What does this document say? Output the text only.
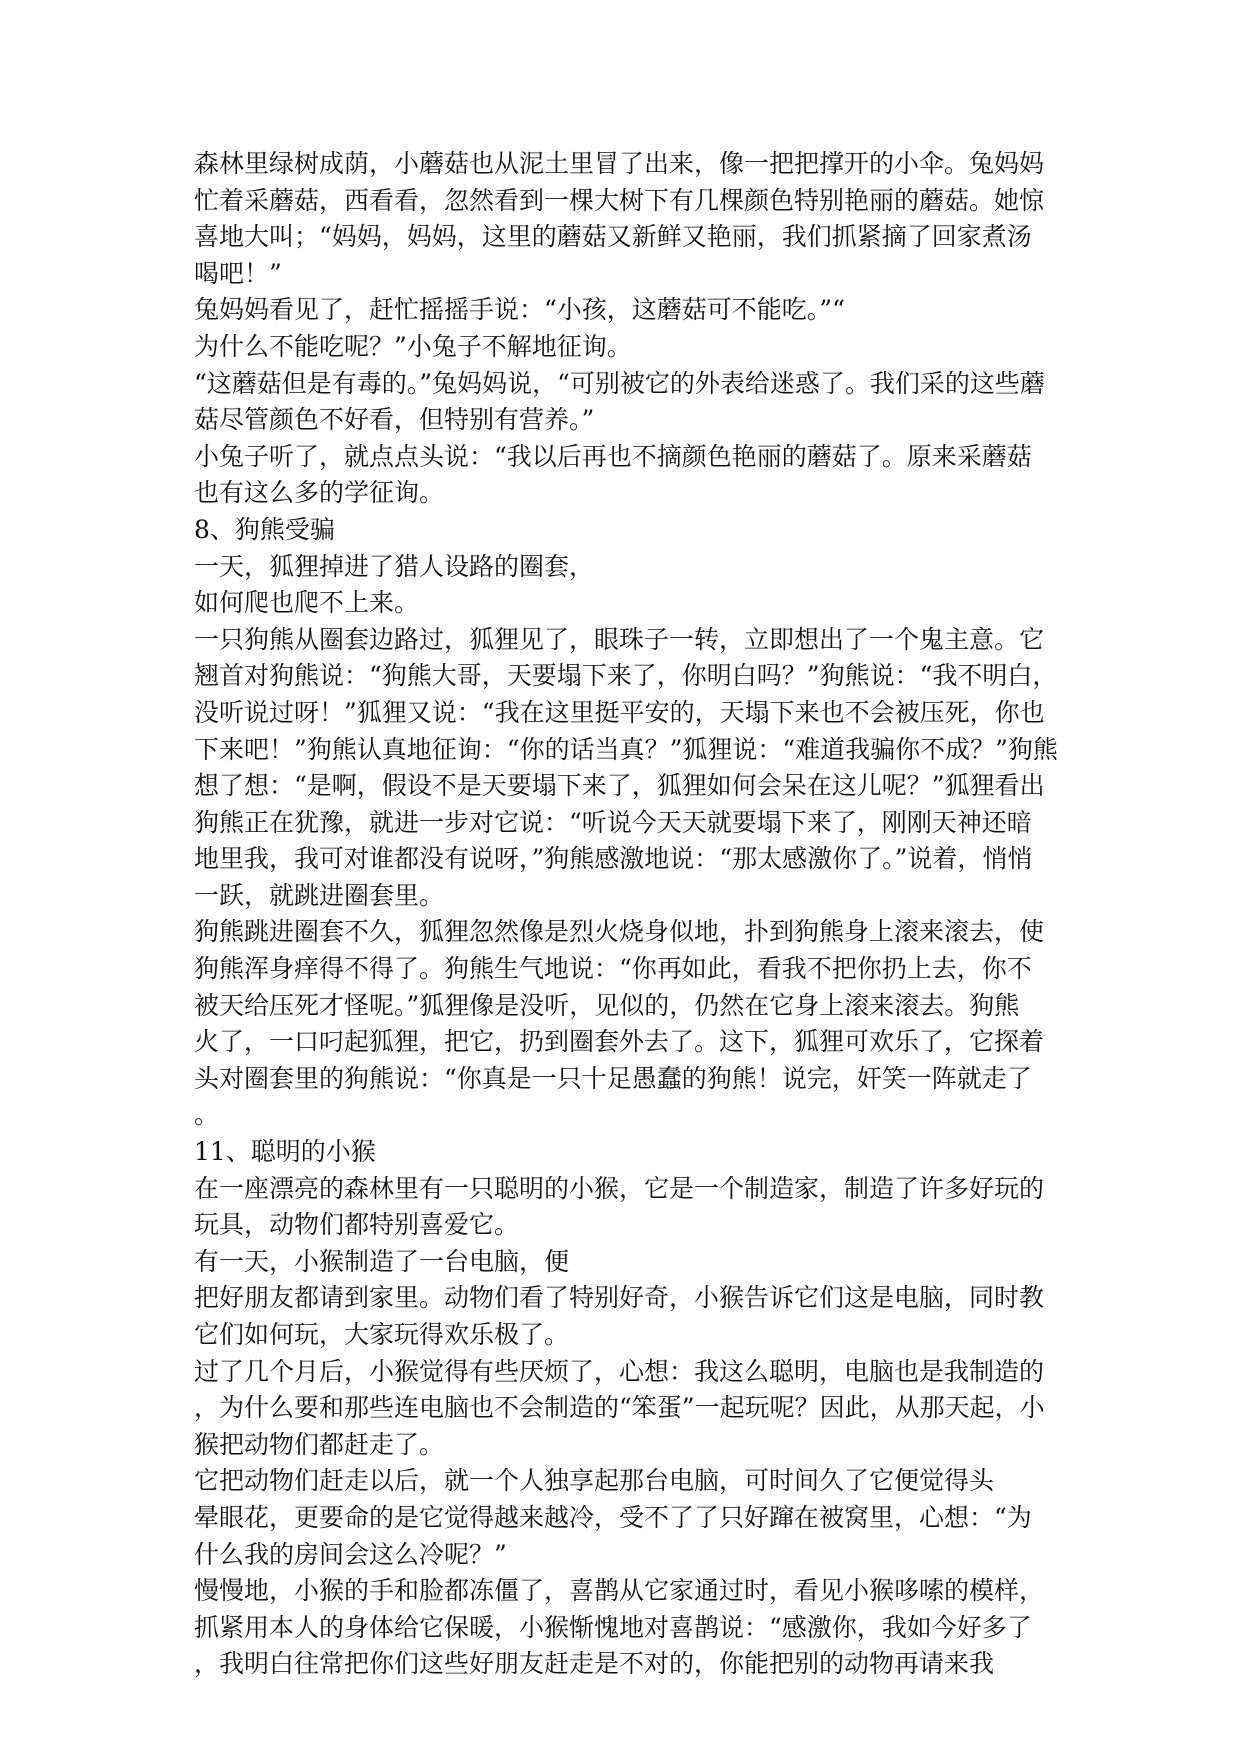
森林里绿树成荫，小蘑菇也从泥土里冒了出来，像一把把撑开的小伞。兔妈妈
忙着采蘑菇，西看看，忽然看到一棵大树下有几棵颜色特别艳丽的蘑菇。她惊
喜地大叫；“妈妈，妈妈，这里的蘑菇又新鲜又艳丽，我们抓紧摘了回家煮汤
喝吧！”
兔妈妈看见了，赶忙摇摇手说：“小孩，这蘑菇可不能吃。”“
为什么不能吃呢？”小兔子不解地征询。
“这蘑菇但是有毒的。”兔妈妈说，“可别被它的外表给迷惑了。我们采的这些蘑
菇尽管颜色不好看，但特别有营养。”
小兔子听了，就点点头说：“我以后再也不摘颜色艳丽的蘑菇了。原来采蘑菇
也有这么多的学征询。
8、狗熊受骗
一天，狐狸掉进了猎人设路的圈套，
如何爬也爬不上来。
一只狗熊从圈套边路过，狐狸见了，眼珠子一转，立即想出了一个鬼主意。它
翘首对狗熊说：“狗熊大哥，天要塌下来了，你明白吗？”狗熊说：“我不明白，
没听说过呀！”狐狸又说：“我在这里挺平安的，天塌下来也不会被压死，你也
下来吧！”狗熊认真地征询：“你的话当真？”狐狸说：“难道我骗你不成？”狗熊
想了想：“是啊，假设不是天要塌下来了，狐狸如何会呆在这儿呢？”狐狸看出
狗熊正在犹豫，就进一步对它说：“听说今天天就要塌下来了，刚刚天神还暗
地里我，我可对谁都没有说呀，”狗熊感激地说：“那太感激你了。”说着，悄悄
一跃，就跳进圈套里。
狗熊跳进圈套不久，狐狸忽然像是烈火烧身似地，扑到狗熊身上滚来滚去，使
狗熊浑身痒得不得了。狗熊生气地说：“你再如此，看我不把你扔上去，你不
被天给压死才怪呢。”狐狸像是没听，见似的，仍然在它身上滚来滚去。狗熊
火了，一口叼起狐狸，把它，扔到圈套外去了。这下，狐狸可欢乐了，它探着
头对圈套里的狗熊说：“你真是一只十足愚蠢的狗熊！说完，奸笑一阵就走了
。
11、聪明的小猴
在一座漂亮的森林里有一只聪明的小猴，它是一个制造家，制造了许多好玩的
玩具，动物们都特别喜爱它。
有一天，小猴制造了一台电脑，便
把好朋友都请到家里。动物们看了特别好奇，小猴告诉它们这是电脑，同时教
它们如何玩，大家玩得欢乐极了。
过了几个月后，小猴觉得有些厌烦了，心想：我这么聪明，电脑也是我制造的
，为什么要和那些连电脑也不会制造的“笨蛋”一起玩呢？因此，从那天起，小
猴把动物们都赶走了。
它把动物们赶走以后，就一个人独享起那台电脑，可时间久了它便觉得头
晕眼花，更要命的是它觉得越来越冷，受不了了只好蹿在被窝里，心想：“为
什么我的房间会这么冷呢？”
慢慢地，小猴的手和脸都冻僵了，喜鹊从它家通过时，看见小猴哆嗦的模样，
抓紧用本人的身体给它保暖，小猴惭愧地对喜鹊说：“感激你，我如今好多了
，我明白往常把你们这些好朋友赶走是不对的，你能把别的动物再请来我
